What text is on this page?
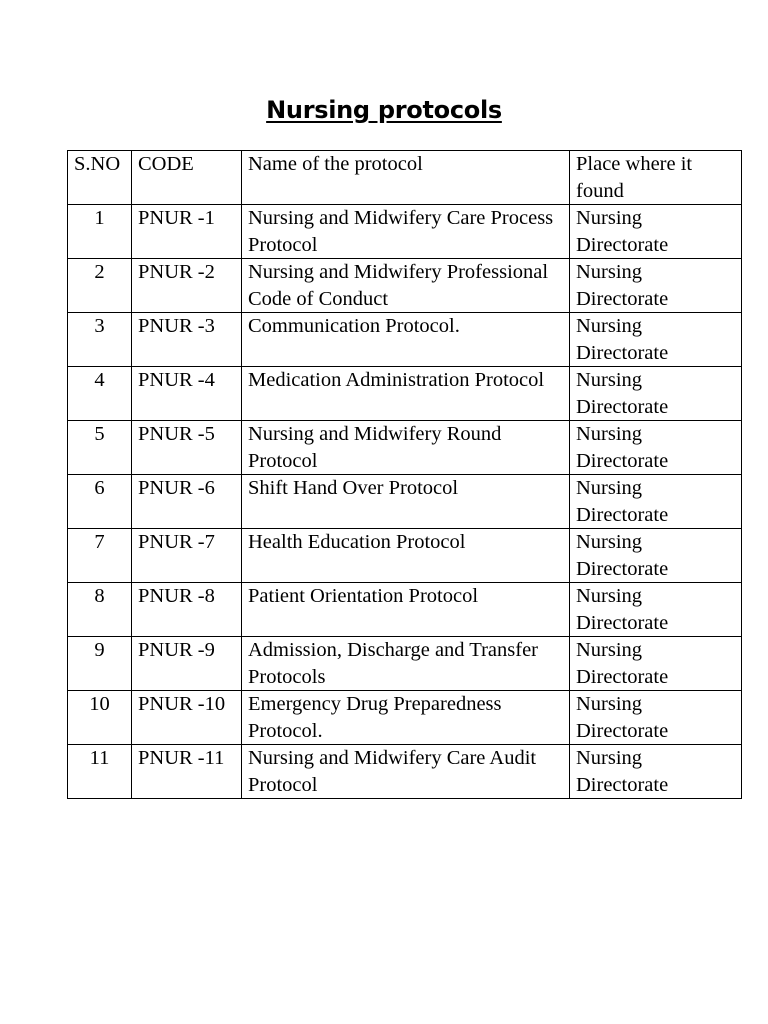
Nursing protocols
S.NO	CODE	Name of the protocol	Place where it found
1	PNUR -1	Nursing and Midwifery Care Process Protocol	Nursing Directorate
2	PNUR -2	Nursing and Midwifery Professional Code of Conduct	Nursing Directorate
3	PNUR -3	Communication Protocol.	Nursing Directorate
4	PNUR -4	Medication Administration Protocol	Nursing Directorate
5	PNUR -5	Nursing and Midwifery Round Protocol	Nursing Directorate
6	PNUR -6	Shift Hand Over Protocol	Nursing Directorate
7	PNUR -7	Health Education Protocol	Nursing Directorate
8	PNUR -8	Patient Orientation Protocol	Nursing Directorate
9	PNUR -9	Admission, Discharge and Transfer Protocols	Nursing Directorate
10	PNUR -10	Emergency Drug Preparedness Protocol.	Nursing Directorate
11	PNUR -11	Nursing and Midwifery Care Audit Protocol	Nursing Directorate
